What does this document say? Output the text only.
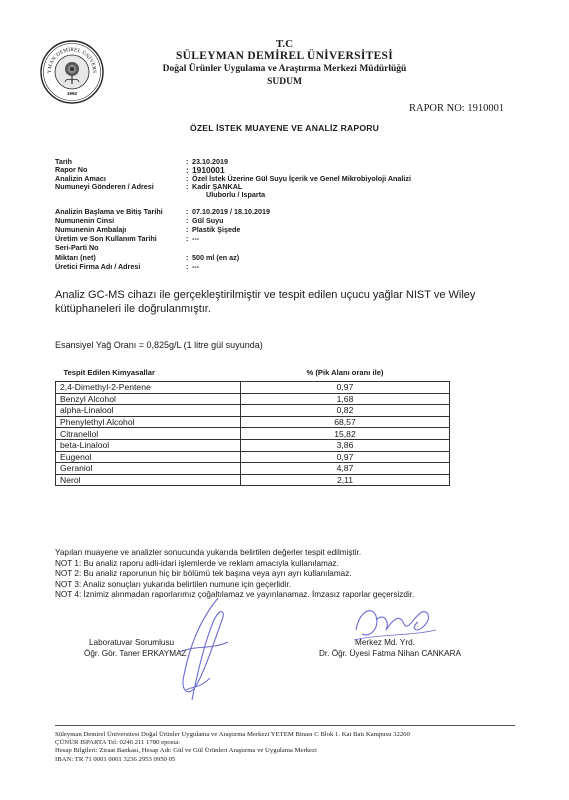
YMAN DEMİREL ÜNİVERS
1992
T.C
SÜLEYMAN DEMİREL ÜNİVERSİTESİ
Doğal Ürünler Uygulama ve Araştırma Merkezi Müdürlüğü
SUDUM
RAPOR NO: 1910001
ÖZEL İSTEK MUAYENE VE ANALİZ RAPORU
Tarih	: 23.10.2019
Rapor No	: 1910001
Analizin Amacı	: Özel İstek Üzerine Gül Suyu İçerik ve Genel Mikrobiyoloji Analizi
Numuneyi Gönderen / Adresi	: Kadir ŞANKAL
Uluborlu / Isparta
Analizin Başlama ve Bitiş Tarihi	: 07.10.2019 / 18.10.2019
Numunenin Cinsi	: Gül Suyu
Numunenin Ambalajı	: Plastik Şişede
Üretim ve Son Kullanım Tarihi	: ---
Seri-Parti No
Miktarı (net)	: 500 ml (en az)
Üretici Firma Adı / Adresi	: ---
Analiz GC-MS cihazı ile gerçekleştirilmiştir ve tespit edilen uçucu yağlar NIST ve Wiley
kütüphaneleri ile doğrulanmıştır.
Esansiyel Yağ Oranı = 0,825g/L (1 litre gül suyunda)
Tespit Edilen Kimyasallar	% (Pik Alanı oranı ile)
2,4-Dimethyl-2-Pentene	0,97
Benzyl Alcohol	1,68
alpha-Linalool	0,82
Phenylethyl Alcohol	68,57
Citranellol	15,82
beta-Linalool	3,86
Eugenol	0,97
Geraniol	4,87
Nerol	2,11
Yapılan muayene ve analizler sonucunda yukarıda belirtilen değerler tespit edilmiştir.
NOT 1: Bu analiz raporu adli-idari işlemlerde ve reklam amacıyla kullanılamaz.
NOT 2: Bu analiz raporunun hiç bir bölümü tek başına veya ayrı ayrı kullanılamaz.
NOT 3: Analiz sonuçları yukarıda belirtilen numune için geçerlidir.
NOT 4: İznimiz alınmadan raporlarımız çoğaltılamaz ve yayınlanamaz. İmzasız raporlar geçersizdir.
Laboratuvar Sorumlusu
Öğr. Gör. Taner ERKAYMAZ
Merkez Md. Yrd.
Dr. Öğr. Üyesi Fatma Nihan CANKARA
Süleyman Demirel Üniversitesi Doğal Ürünler Uygulama ve Araştırma Merkezi YETEM Binası C Blok 1. Kat Batı Kampusu 32260
ÇÜNÜR ISPARTA Tel: 0246 211 1780 eposta:
Hesap Bilgileri: Ziraat Bankası, Hesap Adı: Gül ve Gül Ürünleri Araştırma ve Uygulama Merkezi
IBAN: TR 71 0001 0001 3236 2953 0950 05
